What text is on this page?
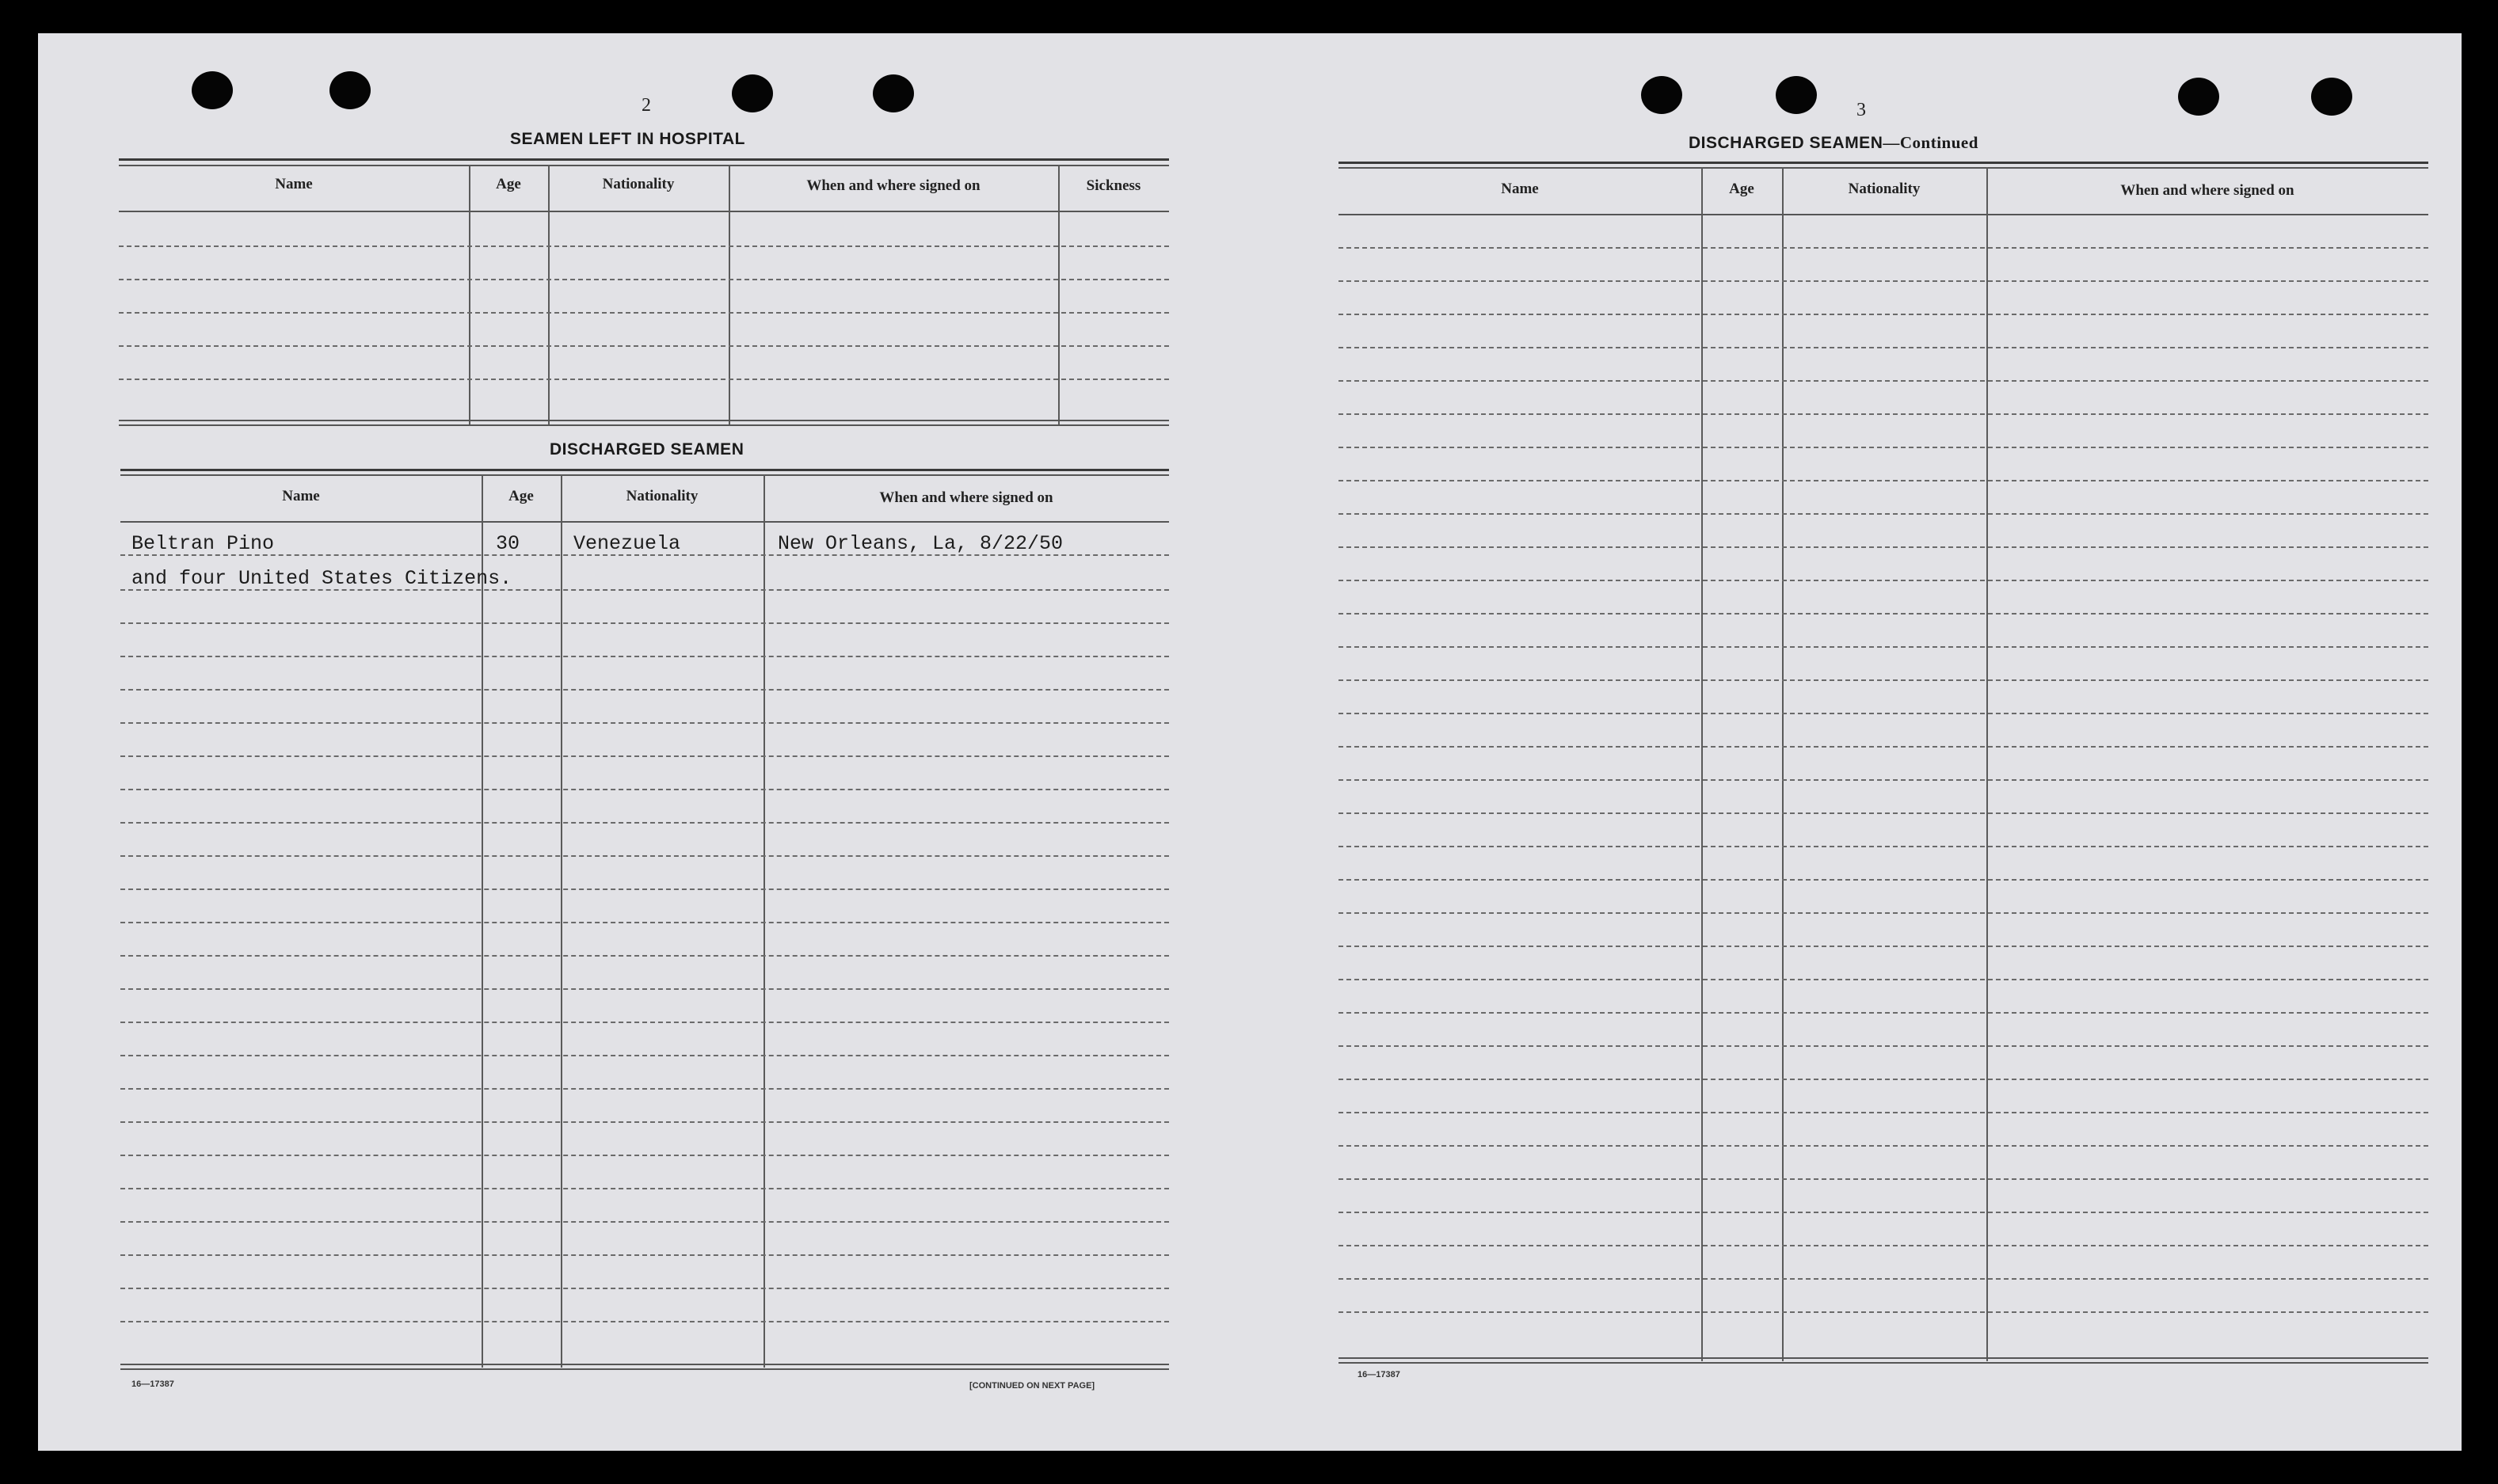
2
SEAMEN LEFT IN HOSPITAL
Name	Age	Nationality	When and where signed on	Sickness
DISCHARGED SEAMEN
Name	Age	Nationality	When and where signed on
Beltran Pino	30	Venezuela	New Orleans, La, 8/22/50
and four United States Citizens.
16—17387	[CONTINUED ON NEXT PAGE]
3
DISCHARGED SEAMEN—Continued
Name	Age	Nationality	When and where signed on
16—17387
